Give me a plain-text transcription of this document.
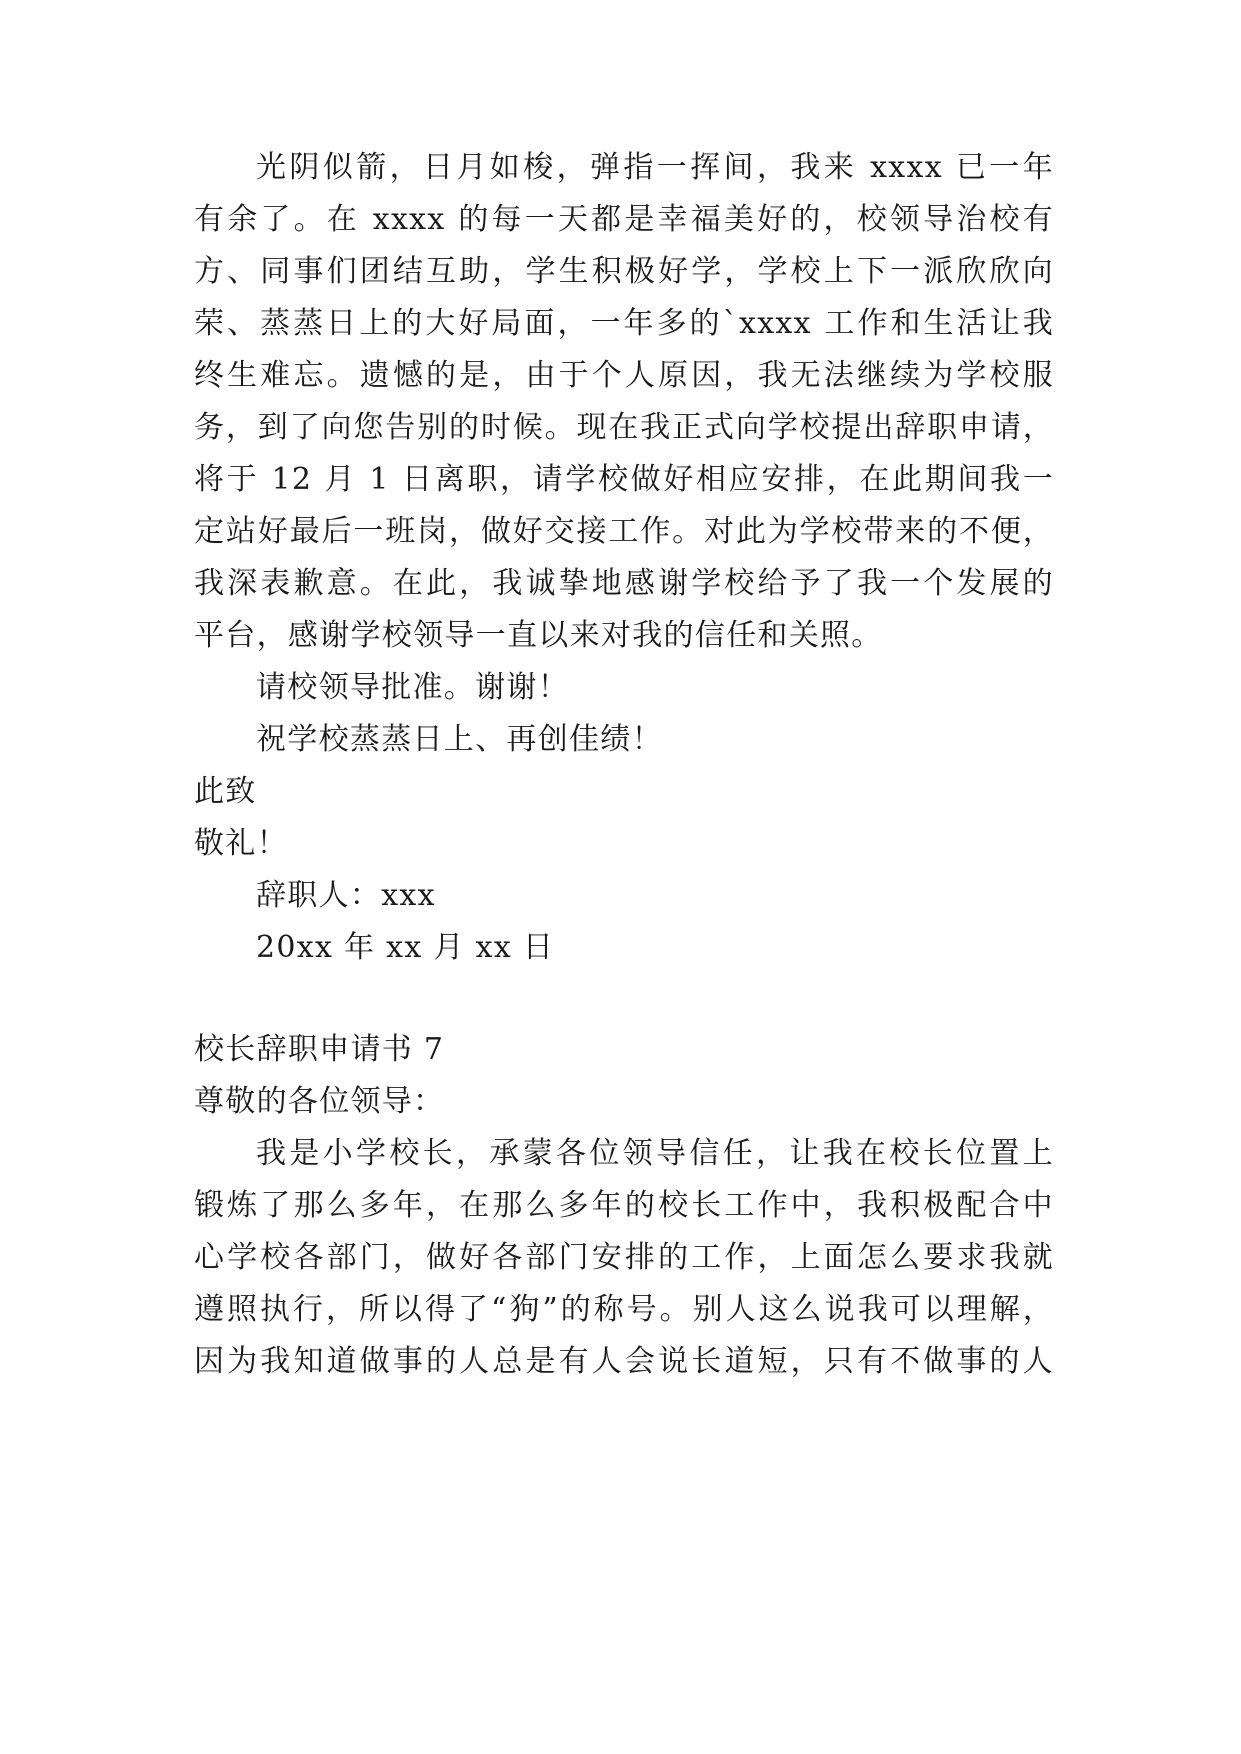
光阴似箭，日月如梭，弹指一挥间，我来 xxxx 已一年
有余了。在 xxxx 的每一天都是幸福美好的，校领导治校有
方、同事们团结互助，学生积极好学，学校上下一派欣欣向
荣、蒸蒸日上的大好局面，一年多的`xxxx 工作和生活让我
终生难忘。遗憾的是，由于个人原因，我无法继续为学校服
务，到了向您告别的时候。现在我正式向学校提出辞职申请，
将于 12 月 1 日离职，请学校做好相应安排，在此期间我一
定站好最后一班岗，做好交接工作。对此为学校带来的不便，
我深表歉意。在此，我诚挚地感谢学校给予了我一个发展的
平台，感谢学校领导一直以来对我的信任和关照。
请校领导批准。谢谢！
祝学校蒸蒸日上、再创佳绩！
此致
敬礼！
辞职人：xxx
20xx 年 xx 月 xx 日
校长辞职申请书 7
尊敬的各位领导：
我是小学校长，承蒙各位领导信任，让我在校长位置上
锻炼了那么多年，在那么多年的校长工作中，我积极配合中
心学校各部门，做好各部门安排的工作，上面怎么要求我就
遵照执行，所以得了“狗”的称号。别人这么说我可以理解，
因为我知道做事的人总是有人会说长道短，只有不做事的人
